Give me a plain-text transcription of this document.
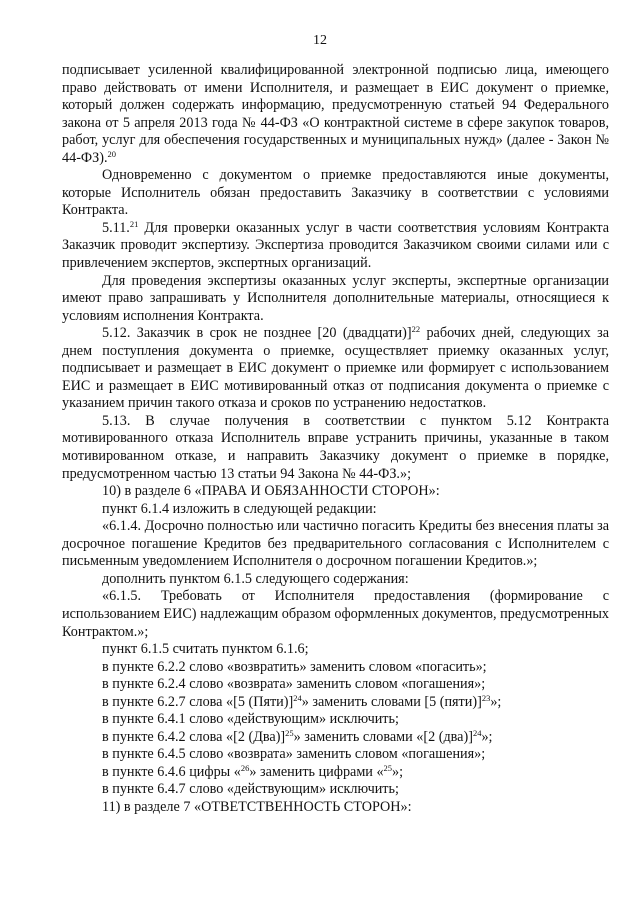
12

подписывает усиленной квалифицированной электронной подписью лица, имеющего право действовать от имени Исполнителя, и размещает в ЕИС документ о приемке, который должен содержать информацию, предусмотренную статьей 94 Федерального закона от 5 апреля 2013 года № 44-ФЗ «О контрактной системе в сфере закупок товаров, работ, услуг для обеспечения государственных и муниципальных нужд» (далее - Закон № 44-ФЗ).$^{20}$

Одновременно с документом о приемке предоставляются иные документы, которые Исполнитель обязан предоставить Заказчику в соответствии с условиями Контракта.

5.11.21 Для проверки оказанных услуг в части соответствия условиям Контракта Заказчик проводит экспертизу. Экспертиза проводится Заказчиком своими силами или с привлечением экспертов, экспертных организаций.

Для проведения экспертизы оказанных услуг эксперты, экспертные организации имеют право запрашивать у Исполнителя дополнительные материалы, относящиеся к условиям исполнения Контракта.

5.12. Заказчик в срок не позднее [20 (двадцати)]$^{22}$ рабочих дней, следующих за днем поступления документа о приемке, осуществляет приемку оказанных услуг, подписывает и размещает в ЕИС документ о приемке или формирует с использованием ЕИС и размещает в ЕИС мотивированный отказ от подписания документа о приемке с указанием причин такого отказа и сроков по устранению недостатков.

5.13. В случае получения в соответствии с пунктом 5.12 Контракта мотивированного отказа Исполнитель вправе устранить причины, указанные в таком мотивированном отказе, и направить Заказчику документ о приемке в порядке, предусмотренном частью 13 статьи 94 Закона № 44-ФЗ.»;

10) в разделе 6 «ПРАВА И ОБЯЗАННОСТИ СТОРОН»:

пункт 6.1.4 изложить в следующей редакции:

«6.1.4. Досрочно полностью или частично погасить Кредиты без внесения платы за досрочное погашение Кредитов без предварительного согласования с Исполнителем с письменным уведомлением Исполнителя о досрочном погашении Кредитов.»;

дополнить пунктом 6.1.5 следующего содержания:

«6.1.5. Требовать от Исполнителя предоставления (формирование с использованием ЕИС) надлежащим образом оформленных документов, предусмотренных Контрактом.»;

пункт 6.1.5 считать пунктом 6.1.6;

в пункте 6.2.2 слово «возвратить» заменить словом «погасить»;

в пункте 6.2.4 слово «возврата» заменить словом «погашения»;

в пункте 6.2.7 слова «[5 (Пяти)]$^{24}$» заменить словами [5 (пяти)]$^{23}$»;

в пункте 6.4.1 слово «действующим» исключить;

в пункте 6.4.2 слова «[2 (Два)]$^{25}$» заменить словами «[2 (два)]$^{24}$»;

в пункте 6.4.5 слово «возврата» заменить словом «погашения»;

в пункте 6.4.6 цифры «$^{26}$» заменить цифрами «$^{25}$»;

в пункте 6.4.7 слово «действующим» исключить;

11) в разделе 7 «ОТВЕТСТВЕННОСТЬ СТОРОН»:
